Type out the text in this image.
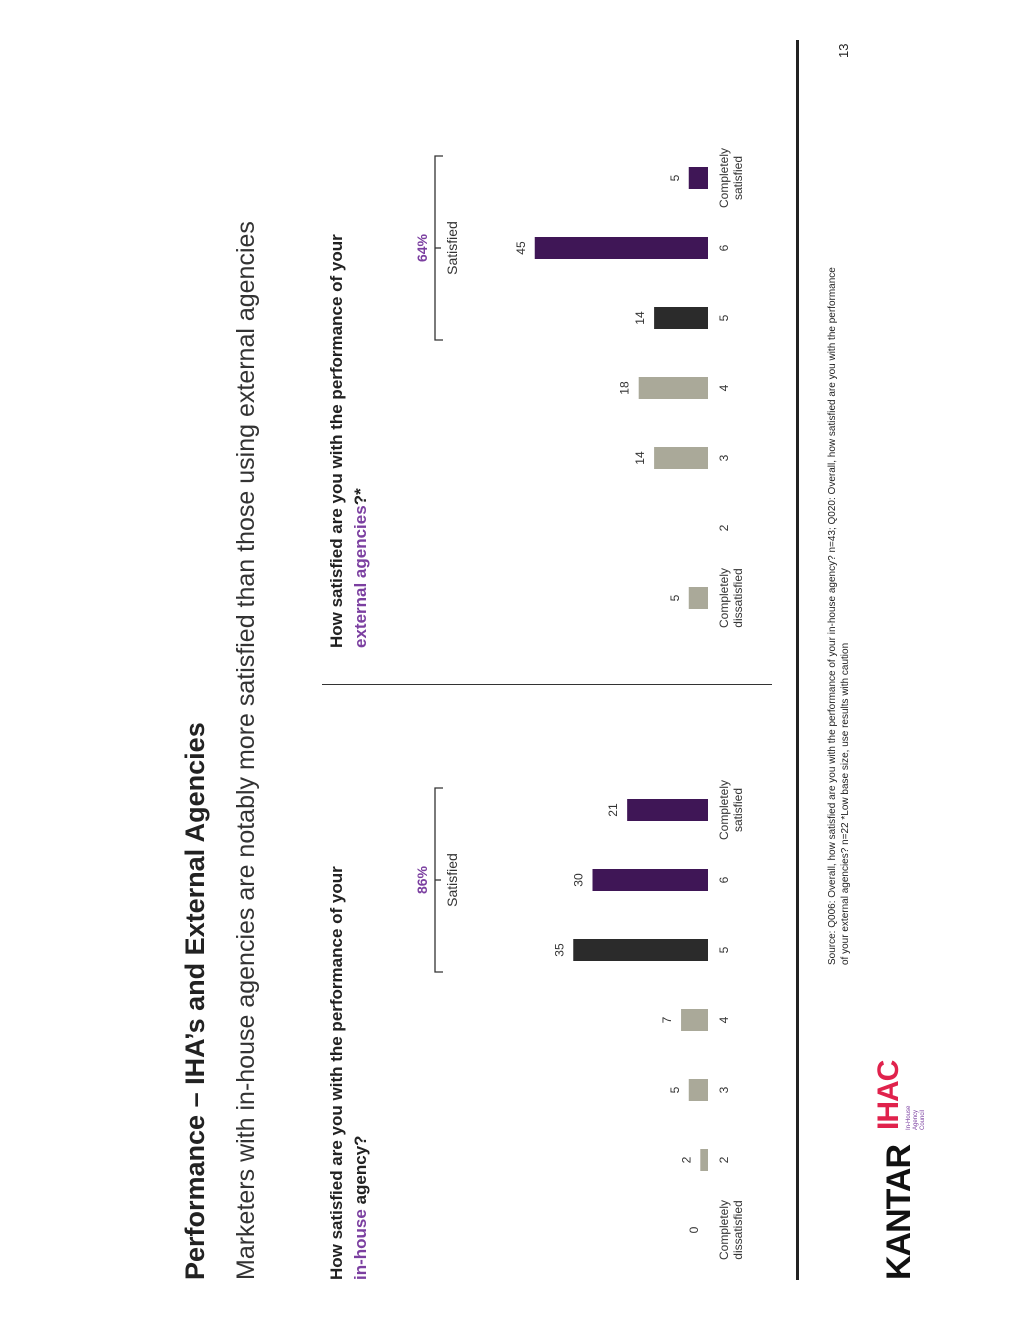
Performance – IHA’s and External Agencies Marketers with in-house agencies are notably more satisfied than those using external agencies	How satisfied are you with the performance of your in-house agency?
How satisfied are you with the performance of your external agencies?*
0 Completely dissatisfied
2 2
5	3
7	4
35	5
30	6
21	Completely satisfied
86% Satisfied
5	Completely dissatisfied
2
14	3
18	4
14	5
45	6
5	Completely satisfied
64% Satisfied
Source: Q006: Overall, how satisfied are you with the performance of your in-house agency? n=43; Q020: Overall, how satisfied are you with the performance of your external agencies? n=22 *Low base size, use results with caution
13
KANTAR
IHAC In-House Agency Council
